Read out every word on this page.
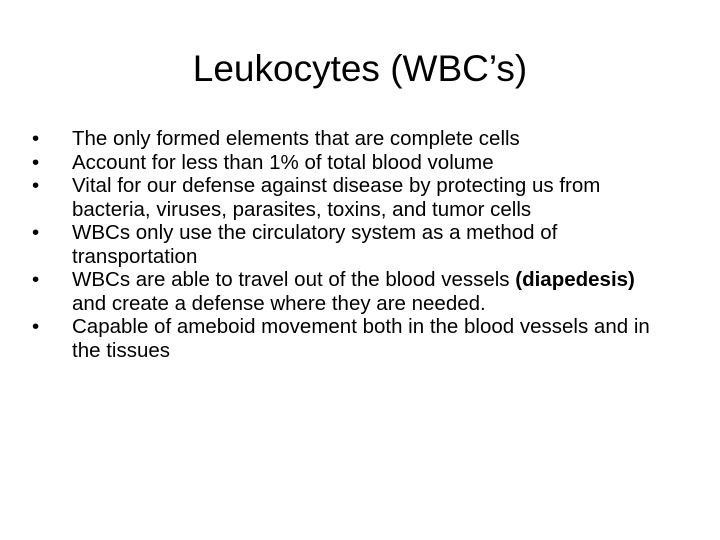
Leukocytes (WBC’s)
•	The only formed elements that are complete cells
•	Account for less than 1% of total blood volume
•	Vital for our defense against disease by protecting us from bacteria, viruses, parasites, toxins, and tumor cells
•	WBCs only use the circulatory system as a method of transportation
•	WBCs are able to travel out of the blood vessels (diapedesis) and create a defense where they are needed.
•	Capable of ameboid movement both in the blood vessels and in the tissues
